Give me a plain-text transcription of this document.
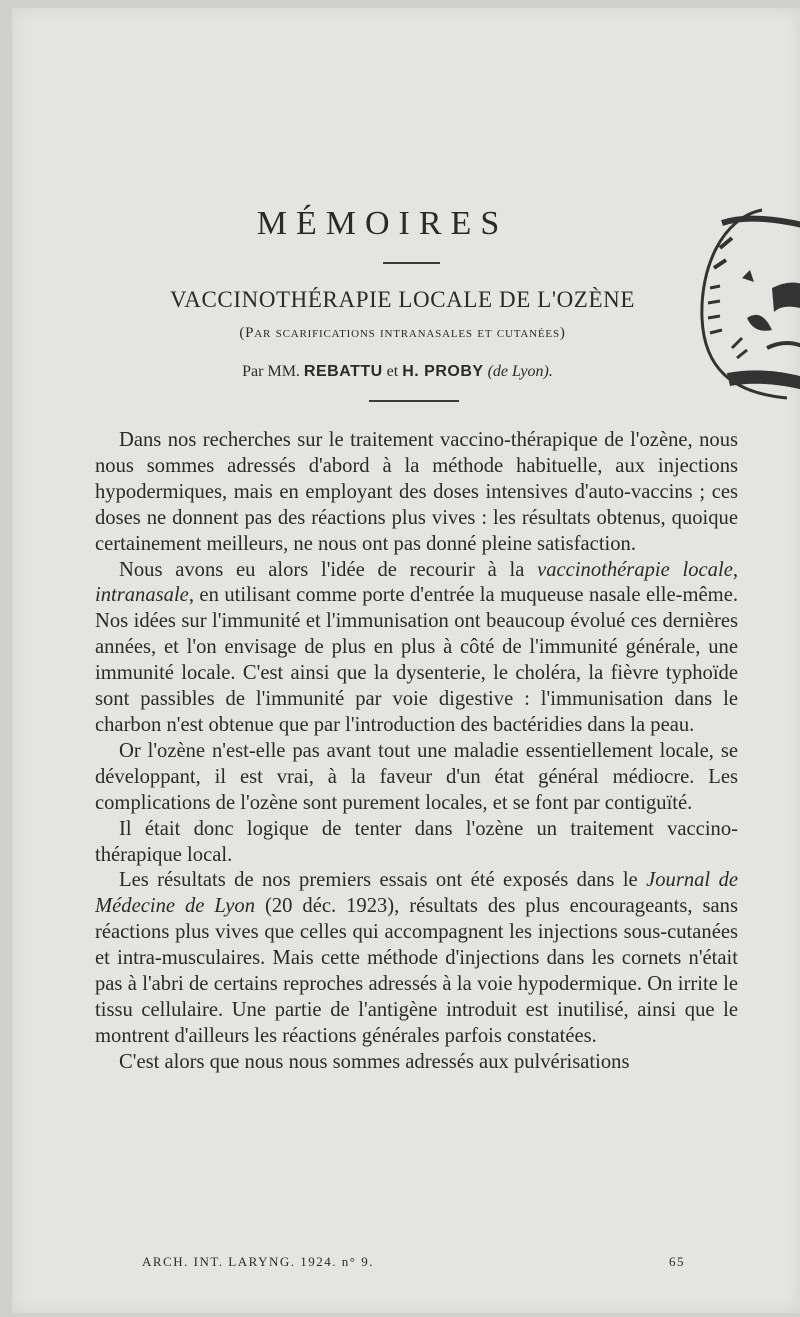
MÉMOIRES
VACCINOTHÉRAPIE LOCALE DE L'OZÈNE
(Par scarifications intranasales et cutanées)
Par MM. REBATTU et H. PROBY (de Lyon).

Dans nos recherches sur le traitement vaccino-thérapique de l'ozène, nous nous sommes adressés d'abord à la méthode habituelle, aux injections hypodermiques, mais en employant des doses intensives d'auto-vaccins ; ces doses ne donnent pas des réactions plus vives : les résultats obtenus, quoique certainement meilleurs, ne nous ont pas donné pleine satisfaction.

Nous avons eu alors l'idée de recourir à la vaccinothérapie locale, intranasale, en utilisant comme porte d'entrée la muqueuse nasale elle-même. Nos idées sur l'immunité et l'immunisation ont beaucoup évolué ces dernières années, et l'on envisage de plus en plus à côté de l'immunité générale, une immunité locale. C'est ainsi que la dysenterie, le choléra, la fièvre typhoïde sont passibles de l'immunité par voie digestive : l'immunisation dans le charbon n'est obtenue que par l'introduction des bactéridies dans la peau.

Or l'ozène n'est-elle pas avant tout une maladie essentiellement locale, se développant, il est vrai, à la faveur d'un état général médiocre. Les complications de l'ozène sont purement locales, et se font par contiguïté.

Il était donc logique de tenter dans l'ozène un traitement vaccino-thérapique local.

Les résultats de nos premiers essais ont été exposés dans le Journal de Médecine de Lyon (20 déc. 1923), résultats des plus encourageants, sans réactions plus vives que celles qui accompagnent les injections sous-cutanées et intra-musculaires. Mais cette méthode d'injections dans les cornets n'était pas à l'abri de certains reproches adressés à la voie hypodermique. On irrite le tissu cellulaire. Une partie de l'antigène introduit est inutilisé, ainsi que le montrent d'ailleurs les réactions générales parfois constatées.

C'est alors que nous nous sommes adressés aux pulvérisations

ARCH. INT. LARYNG. 1924. n° 9.	65
